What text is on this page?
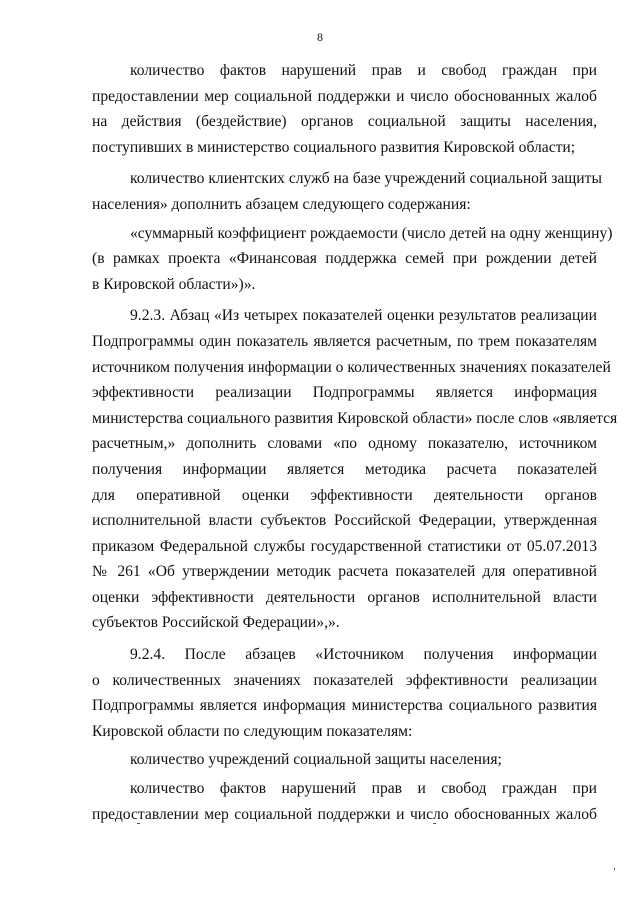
8
количество фактов нарушений прав и свобод граждан при
предоставлении мер социальной поддержки и число обоснованных жалоб
на действия (бездействие) органов социальной защиты населения,
поступивших в министерство социального развития Кировской области;
количество клиентских служб на базе учреждений социальной защиты
населения» дополнить абзацем следующего содержания:
«суммарный коэффициент рождаемости (число детей на одну женщину)
(в рамках проекта «Финансовая поддержка семей при рождении детей
в Кировской области»)».
9.2.3. Абзац «Из четырех показателей оценки результатов реализации
Подпрограммы один показатель является расчетным, по трем показателям
источником получения информации о количественных значениях показателей
эффективности реализации Подпрограммы является информация
министерства социального развития Кировской области» после слов «является
расчетным,» дополнить словами «по одному показателю, источником
получения информации является методика расчета показателей
для оперативной оценки эффективности деятельности органов
исполнительной власти субъектов Российской Федерации, утвержденная
приказом Федеральной службы государственной статистики от 05.07.2013
№ 261 «Об утверждении методик расчета показателей для оперативной
оценки эффективности деятельности органов исполнительной власти
субъектов Российской Федерации»,».
9.2.4. После абзацев «Источником получения информации
о количественных значениях показателей эффективности реализации
Подпрограммы является информация министерства социального развития
Кировской области по следующим показателям:
количество учреждений социальной защиты населения;
количество фактов нарушений прав и свобод граждан при
предоставлении мер социальной поддержки и число обоснованных жалоб
